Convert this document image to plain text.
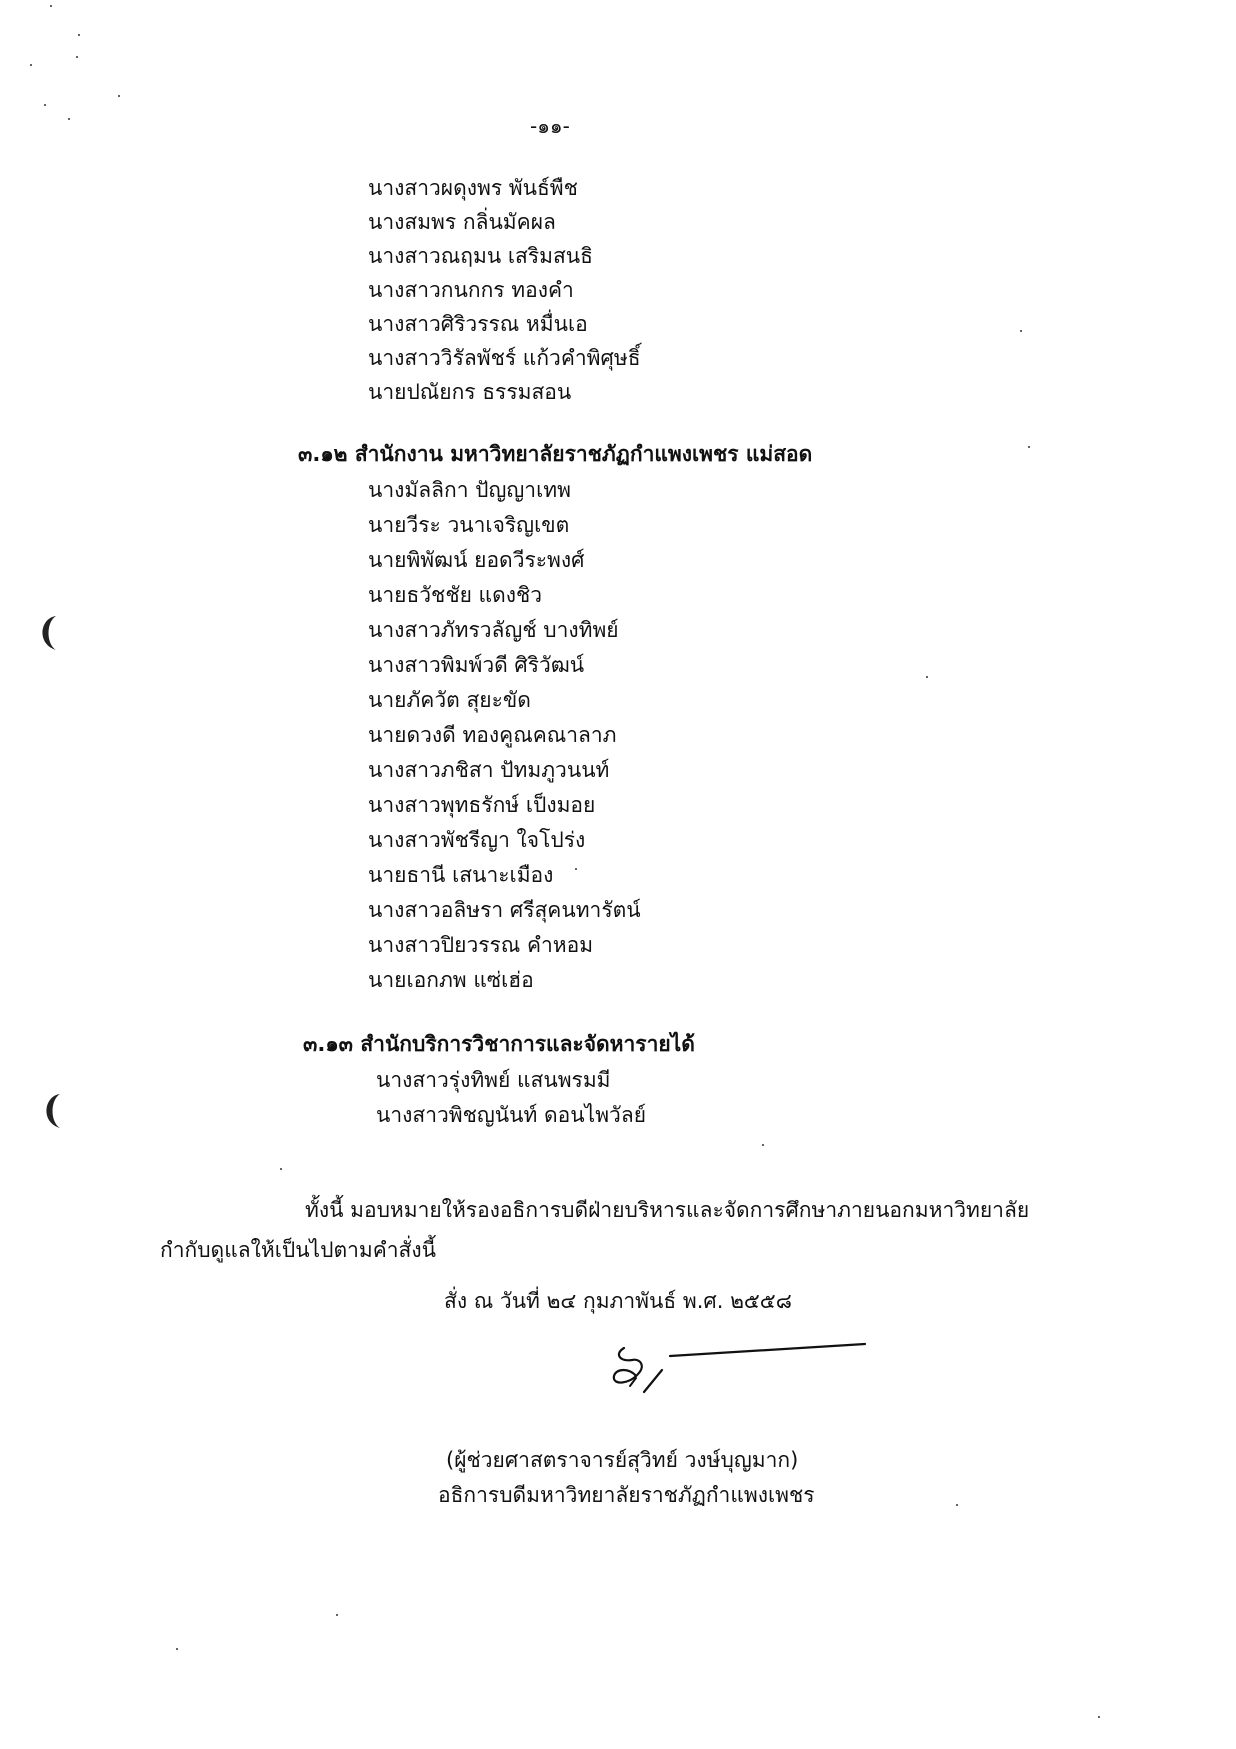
-๑๑-
นางสาวผดุงพร พันธ์พืช
นางสมพร กลิ่นมัคผล
นางสาวณฤมน เสริมสนธิ
นางสาวกนกกร ทองคำ
นางสาวศิริวรรณ หมื่นเอ
นางสาววิรัลพัชร์ แก้วคำพิศุษธิ์
นายปณัยกร ธรรมสอน
๓.๑๒ สำนักงาน มหาวิทยาลัยราชภัฏกำแพงเพชร แม่สอด
นางมัลลิกา ปัญญาเทพ
นายวีระ วนาเจริญเขต
นายพิพัฒน์ ยอดวีระพงศ์
นายธวัชชัย แดงชิว
นางสาวภัทรวลัญช์ บางทิพย์
นางสาวพิมพ์วดี ศิริวัฒน์
นายภัควัต สุยะขัด
นายดวงดี ทองคูณคณาลาภ
นางสาวภชิสา ปัทมภูวนนท์
นางสาวพุทธรักษ์ เป็งมอย
นางสาวพัชรีญา ใจโปร่ง
นายธานี เสนาะเมือง
นางสาวอลิษรา ศรีสุคนทารัตน์
นางสาวปิยวรรณ คำหอม
นายเอกภพ แซ่เฮ่อ
๓.๑๓ สำนักบริการวิชาการและจัดหารายได้
นางสาวรุ่งทิพย์ แสนพรมมี
นางสาวพิชญนันท์ ดอนไพวัลย์
ทั้งนี้ มอบหมายให้รองอธิการบดีฝ่ายบริหารและจัดการศึกษาภายนอกมหาวิทยาลัย
กำกับดูแลให้เป็นไปตามคำสั่งนี้
สั่ง ณ วันที่ ๒๔ กุมภาพันธ์ พ.ศ. ๒๕๕๘
(ผู้ช่วยศาสตราจารย์สุวิทย์ วงษ์บุญมาก)
อธิการบดีมหาวิทยาลัยราชภัฏกำแพงเพชร
